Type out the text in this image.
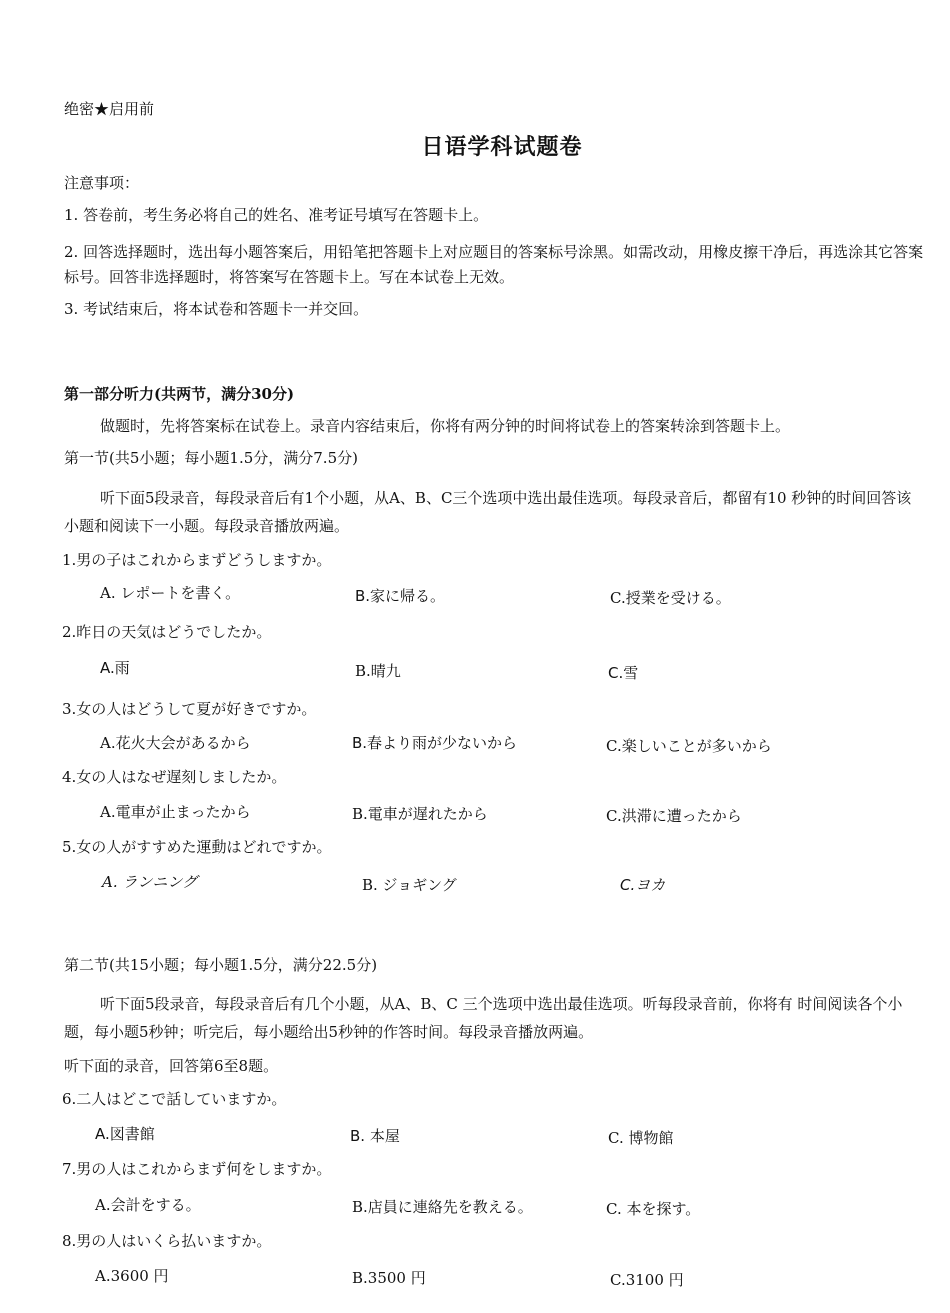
绝密★启用前
日语学科试题卷
注意事项：
1. 答卷前，考生务必将自己的姓名、准考证号填写在答题卡上。
2. 回答选择题时，选出每小题答案后，用铅笔把答题卡上对应题目的答案标号涂黑。如需改动，用橡皮擦干净后，再选涂其它答案标号。回答非选择题时，将答案写在答题卡上。写在本试卷上无效。
3. 考试结束后，将本试卷和答题卡一并交回。
第一部分听力(共两节，满分30分)
做题时，先将答案标在试卷上。录音内容结束后，你将有两分钟的时间将试卷上的答案转涂到答题卡上。
第一节(共5小题；每小题1.5分，满分7.5分)
听下面5段录音，每段录音后有1个小题，从A、B、C三个选项中选出最佳选项。每段录音后，都留有10 秒钟的时间回答该小题和阅读下一小题。每段录音播放两遍。
1.男の子はこれからまずどうしますか。
A. レポートを書く。	B.家に帰る。	C.授業を受ける。
2.昨日の天気はどうでしたか。
A.雨	B.晴九	C.雪
3.女の人はどうして夏が好きですか。
A.花火大会があるから	B.春より雨が少ないから	C.楽しいことが多いから
4.女の人はなぜ遅刻しましたか。
A.電車が止まったから	B.電車が遅れたから	C.洪滞に遭ったから
5.女の人がすすめた運動はどれですか。
A. ランニング	B. ジョギング	C.ヨカ
第二节(共15小题；每小题1.5分，满分22.5分)
听下面5段录音，每段录音后有几个小题，从A、B、C 三个选项中选出最佳选项。听每段录音前，你将有 时间阅读各个小题，每小题5秒钟；听完后，每小题给出5秒钟的作答时间。每段录音播放两遍。
听下面的录音，回答第6至8题。
6.二人はどこで話していますか。
A.図書館	B. 本屋	C. 博物館
7.男の人はこれからまず何をしますか。
A.会計をする。	B.店員に連絡先を教える。	C. 本を探す。
8.男の人はいくら払いますか。
A.3600 円	B.3500 円	C.3100 円
